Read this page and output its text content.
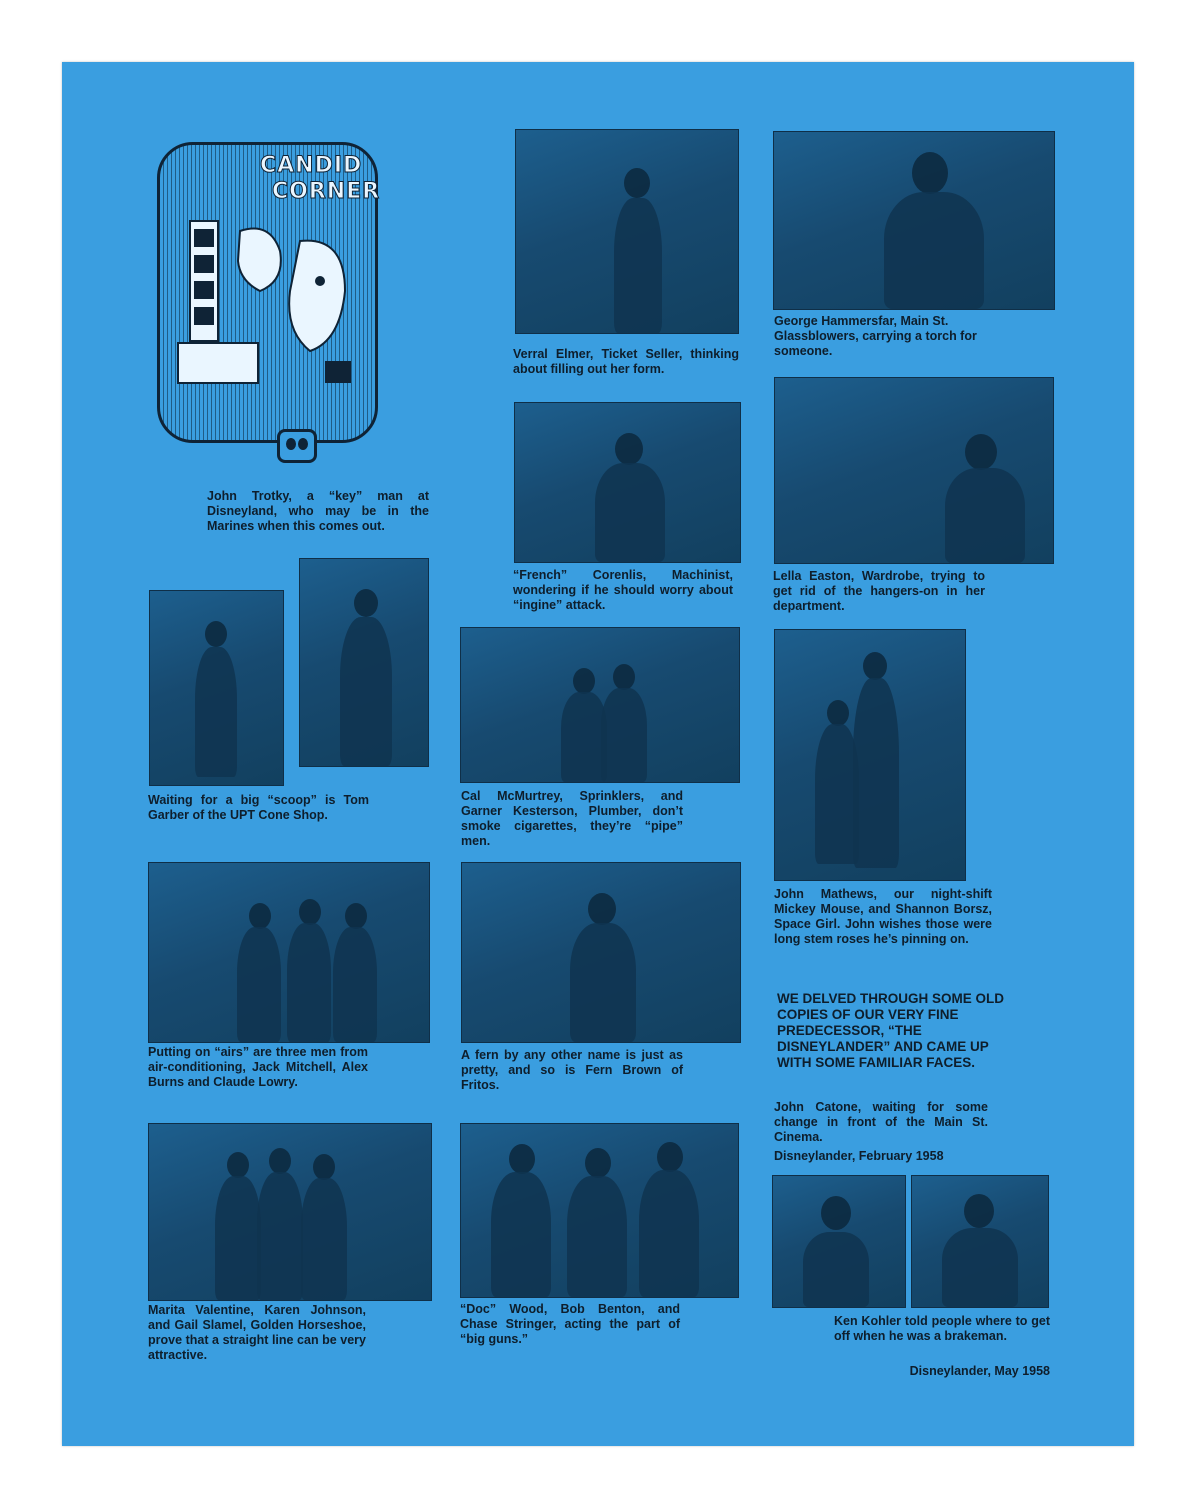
CANDID
CORNER

Verral Elmer, Ticket Seller, thinking about filling out her form.

George Hammersfar, Main St. Glassblowers, carrying a torch for someone.

“French” Corenlis, Machinist, wondering if he should worry about “ingine” attack.

Lella Easton, Wardrobe, trying to get rid of the hangers-on in her department.

John Trotky, a “key” man at Disneyland, who may be in the Marines when this comes out.

Waiting for a big “scoop” is Tom Garber of the UPT Cone Shop.

Cal McMurtrey, Sprinklers, and Garner Kesterson, Plumber, don’t smoke cigarettes, they’re “pipe” men.

John Mathews, our night-shift Mickey Mouse, and Shannon Borsz, Space Girl. John wishes those were long stem roses he’s pinning on.

Putting on “airs” are three men from air-conditioning, Jack Mitchell, Alex Burns and Claude Lowry.

A fern by any other name is just as pretty, and so is Fern Brown of Fritos.

WE DELVED THROUGH SOME OLD COPIES OF OUR VERY FINE PREDECESSOR, “THE DISNEYLANDER” AND CAME UP WITH SOME FAMILIAR FACES.

John Catone, waiting for some change in front of the Main St. Cinema.

Disneylander, February 1958

Marita Valentine, Karen Johnson, and Gail Slamel, Golden Horseshoe, prove that a straight line can be very attractive.

“Doc” Wood, Bob Benton, and Chase Stringer, acting the part of “big guns.”

Ken Kohler told people where to get off when he was a brakeman.

Disneylander, May 1958
